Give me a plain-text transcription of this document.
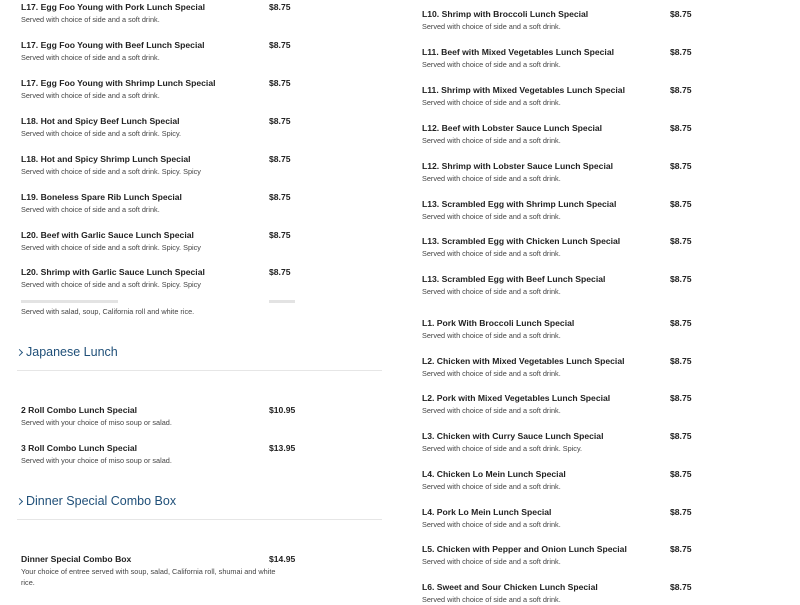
L17. Egg Foo Young with Pork Lunch Special
Served with choice of side and a soft drink.
$8.75
L17. Egg Foo Young with Beef Lunch Special
Served with choice of side and a soft drink.
$8.75
L17. Egg Foo Young with Shrimp Lunch Special
Served with choice of side and a soft drink.
$8.75
L18. Hot and Spicy Beef Lunch Special
Served with choice of side and a soft drink. Spicy.
$8.75
L18. Hot and Spicy Shrimp Lunch Special
Served with choice of side and a soft drink. Spicy. Spicy
$8.75
L19. Boneless Spare Rib Lunch Special
Served with choice of side and a soft drink.
$8.75
L20. Beef with Garlic Sauce Lunch Special
Served with choice of side and a soft drink. Spicy. Spicy
$8.75
L20. Shrimp with Garlic Sauce Lunch Special
Served with choice of side and a soft drink. Spicy. Spicy
$8.75
Served with salad, soup, California roll and white rice.
Japanese Lunch
2 Roll Combo Lunch Special
Served with your choice of miso soup or salad.
$10.95
3 Roll Combo Lunch Special
Served with your choice of miso soup or salad.
$13.95
Dinner Special Combo Box
Dinner Special Combo Box
Your choice of entree served with soup, salad, California roll, shumai and white rice.
$14.95
L10. Shrimp with Broccoli Lunch Special
Served with choice of side and a soft drink.
$8.75
L11. Beef with Mixed Vegetables Lunch Special
Served with choice of side and a soft drink.
$8.75
L11. Shrimp with Mixed Vegetables Lunch Special
Served with choice of side and a soft drink.
$8.75
L12. Beef with Lobster Sauce Lunch Special
Served with choice of side and a soft drink.
$8.75
L12. Shrimp with Lobster Sauce Lunch Special
Served with choice of side and a soft drink.
$8.75
L13. Scrambled Egg with Shrimp Lunch Special
Served with choice of side and a soft drink.
$8.75
L13. Scrambled Egg with Chicken Lunch Special
Served with choice of side and a soft drink.
$8.75
L13. Scrambled Egg with Beef Lunch Special
Served with choice of side and a soft drink.
$8.75
L1. Pork With Broccoli Lunch Special
Served with choice of side and a soft drink.
$8.75
L2. Chicken with Mixed Vegetables Lunch Special
Served with choice of side and a soft drink.
$8.75
L2. Pork with Mixed Vegetables Lunch Special
Served with choice of side and a soft drink.
$8.75
L3. Chicken with Curry Sauce Lunch Special
Served with choice of side and a soft drink. Spicy.
$8.75
L4. Chicken Lo Mein Lunch Special
Served with choice of side and a soft drink.
$8.75
L4. Pork Lo Mein Lunch Special
Served with choice of side and a soft drink.
$8.75
L5. Chicken with Pepper and Onion Lunch Special
Served with choice of side and a soft drink.
$8.75
L6. Sweet and Sour Chicken Lunch Special
Served with choice of side and a soft drink.
$8.75
